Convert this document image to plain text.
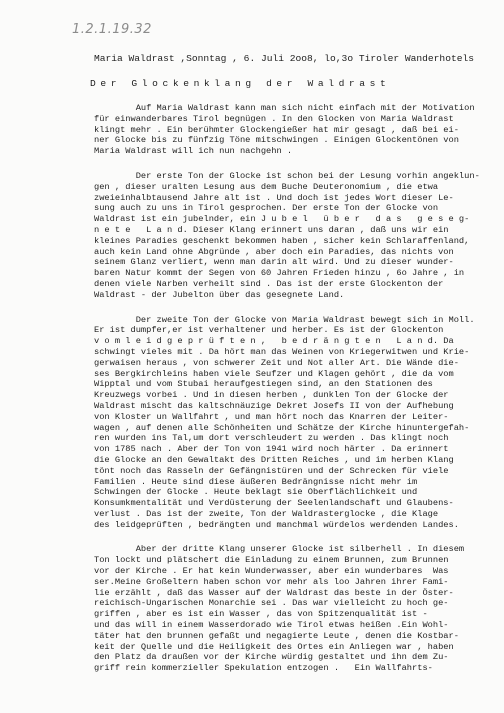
1.2.1.19.32
Maria Waldrast ,Sonntag , 6. Juli 2oo8, lo,3o Tiroler Wanderhotels
Der Glockenklang der Waldrast

Auf Maria Waldrast kann man sich nicht einfach mit der Motivation
für einwanderbares Tirol begnügen . In den Glocken von Maria Waldrast
klingt mehr . Ein berühmter Glockengießer hat mir gesagt , daß bei ei-
ner Glocke bis zu fünfzig Töne mitschwingen . Einigen Glockentönen von
Maria Waldrast will ich nun nachgehn .

Der erste Ton der Glocke ist schon bei der Lesung vorhin angeklun-
gen , dieser uralten Lesung aus dem Buche Deuteronomium , die etwa
zweieinhalbtausend Jahre alt ist . Und doch ist jedes Wort dieser Le-
sung auch zu uns in Tirol gesprochen. Der erste Ton der Glocke von
Waldrast ist ein jubelnder, ein J u b e l   ü b e r   d a s   g e s e g-
n e t e   L a n d. Dieser Klang erinnert uns daran , daß uns wir ein
kleines Paradies geschenkt bekommen haben , sicher kein Schlaraffenland,
auch kein Land ohne Abgründe , aber doch ein Paradies, das nichts von
seinem Glanz verliert, wenn man darin alt wird. Und zu dieser wunder-
baren Natur kommt der Segen von 60 Jahren Frieden hinzu , 6o Jahre , in
denen viele Narben verheilt sind . Das ist der erste Glockenton der
Waldrast - der Jubelton über das gesegnete Land.

Der zweite Ton der Glocke von Maria Waldrast bewegt sich in Moll.
Er ist dumpfer,er ist verhaltener und herber. Es ist der Glockenton
v o m l e i d g e p r ü f t e n ,   b e d r ä n g t e n   L a n d. Da
schwingt vieles mit . Da hört man das Weinen von Kriegerwitwen und Krie-
gerwaisen heraus , von schwerer Zeit und Not aller Art. Die Wände die-
ses Bergkirchleins haben viele Seufzer und Klagen gehört , die da vom
Wipptal und vom Stubai heraufgestiegen sind, an den Stationen des
Kreuzwegs vorbei . Und in diesen herben , dunklen Ton der Glocke der
Waldrast mischt das kaltschnäuzige Dekret Josefs II von der Aufhebung
von Kloster un Wallfahrt , und man hört noch das Knarren der Leiter-
wagen , auf denen alle Schönheiten und Schätze der Kirche hinuntergefah-
ren wurden ins Tal,um dort verschleudert zu werden . Das klingt noch
von 1785 nach . Aber der Ton von 1941 wird noch härter . Da erinnert
die Glocke an den Gewaltakt des Dritten Reiches , und im herben Klang
tönt noch das Rasseln der Gefängnistüren und der Schrecken für viele
Familien . Heute sind diese äußeren Bedrängnisse nicht mehr im
Schwingen der Glocke . Heute beklagt sie Oberflächlichkeit und
Konsumkmentalität und Verdüsterung der Seelenlandschaft und Glaubens-
verlust . Das ist der zweite, Ton der Waldrasterglocke , die Klage
des leidgeprüften , bedrängten und manchmal würdelos werdenden Landes.

Aber der dritte Klang unserer Glocke ist silberhell . In diesem
Ton lockt und plätschert die Einladung zu einem Brunnen, zum Brunnen
vor der Kirche . Er hat kein Wunderwasser, aber ein wunderbares  Was
ser.Meine Großeltern haben schon vor mehr als loo Jahren ihrer Fami-
lie erzählt , daß das Wasser auf der Waldrast das beste in der Öster-
reichisch-Ungarischen Monarchie sei . Das war vielleicht zu hoch ge-
griffen , aber es ist ein Wasser , das von Spitzenqualität ist -
und das will in einem Wasserdorado wie Tirol etwas heißen .Ein Wohl-
täter hat den brunnen gefaßt und negagierte Leute , denen die Kostbar-
keit der Quelle und die Heiligkeit des Ortes ein Anliegen war , haben
den Platz da draußen vor der Kirche würdig gestaltet und ihn dem Zu-
griff rein kommerzieller Spekulation entzogen .   Ein Wallfahrts-
